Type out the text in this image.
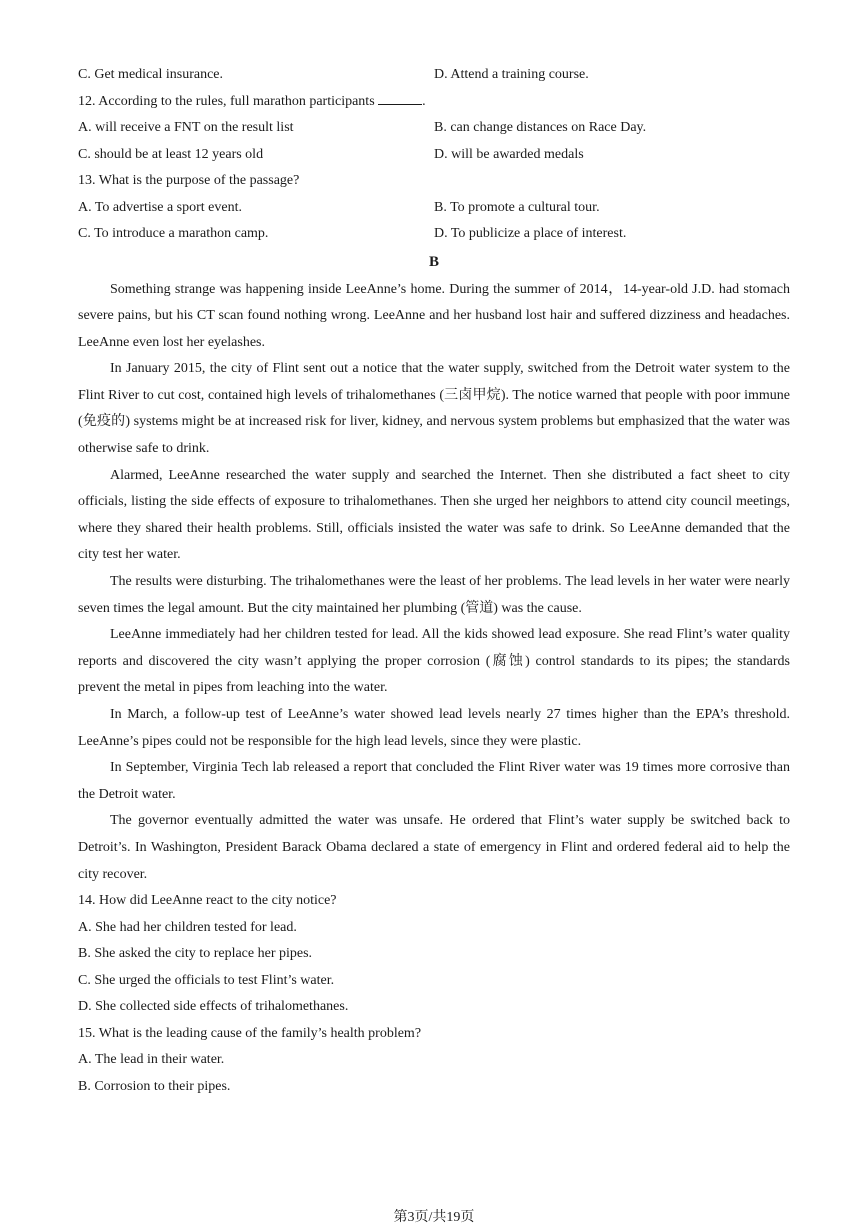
C. Get medical insurance.	D. Attend a training course.
12. According to the rules, full marathon participants	.
A. will receive a FNT on the result list	B. can change distances on Race Day.
C. should be at least 12 years old	D. will be awarded medals
13. What is the purpose of the passage?
A. To advertise a sport event.	B. To promote a cultural tour.
C. To introduce a marathon camp.	D. To publicize a place of interest.
B

Something strange was happening inside LeeAnne’s home. During the summer of 2014，14-year-old J.D. had stomach severe pains, but his CT scan found nothing wrong. LeeAnne and her husband lost hair and suffered dizziness and headaches. LeeAnne even lost her eyelashes.

In January 2015, the city of Flint sent out a notice that the water supply, switched from the Detroit water system to the Flint River to cut cost, contained high levels of trihalomethanes (三卤甲烷). The notice warned that people with poor immune (免疫的) systems might be at increased risk for liver, kidney, and nervous system problems but emphasized that the water was otherwise safe to drink.

Alarmed, LeeAnne researched the water supply and searched the Internet. Then she distributed a fact sheet to city officials, listing the side effects of exposure to trihalomethanes. Then she urged her neighbors to attend city council meetings, where they shared their health problems. Still, officials insisted the water was safe to drink. So LeeAnne demanded that the city test her water.

The results were disturbing. The trihalomethanes were the least of her problems. The lead levels in her water were nearly seven times the legal amount. But the city maintained her plumbing (管道) was the cause.

LeeAnne immediately had her children tested for lead. All the kids showed lead exposure. She read Flint’s water quality reports and discovered the city wasn’t applying the proper corrosion (腐蚀) control standards to its pipes; the standards prevent the metal in pipes from leaching into the water.

In March, a follow-up test of LeeAnne’s water showed lead levels nearly 27 times higher than the EPA’s threshold. LeeAnne’s pipes could not be responsible for the high lead levels, since they were plastic.

In September, Virginia Tech lab released a report that concluded the Flint River water was 19 times more corrosive than the Detroit water.

The governor eventually admitted the water was unsafe. He ordered that Flint’s water supply be switched back to Detroit’s. In Washington, President Barack Obama declared a state of emergency in Flint and ordered federal aid to help the city recover.

14. How did LeeAnne react to the city notice?
A. She had her children tested for lead.
B. She asked the city to replace her pipes.
C. She urged the officials to test Flint’s water.
D. She collected side effects of trihalomethanes.
15. What is the leading cause of the family’s health problem?
A. The lead in their water.
B. Corrosion to their pipes.
第3页/共19页
